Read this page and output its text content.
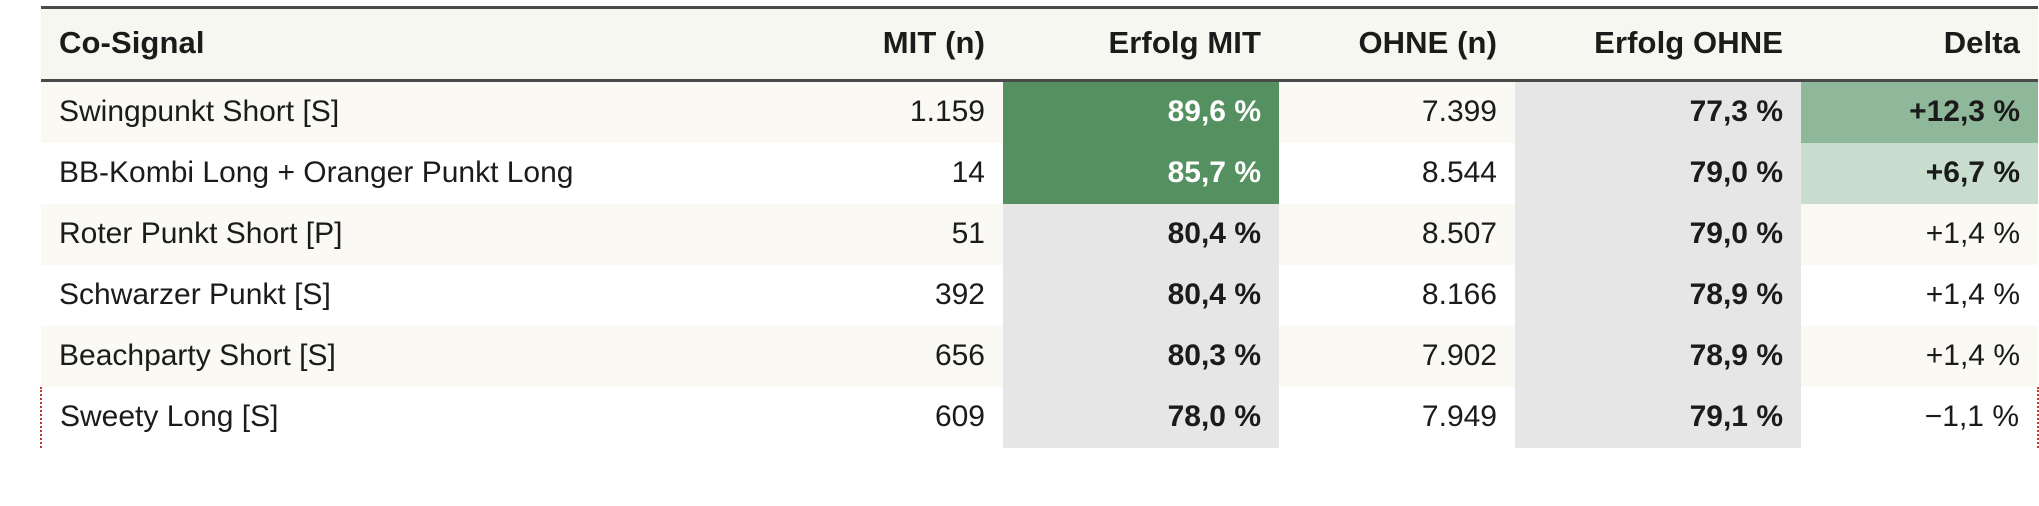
Co-Signal	MIT (n)	Erfolg MIT	OHNE (n)	Erfolg OHNE	Delta
Swingpunkt Short [S]	1.159	89,6 %	7.399	77,3 %	+12,3 %
BB-Kombi Long + Oranger Punkt Long	14	85,7 %	8.544	79,0 %	+6,7 %
Roter Punkt Short [P]	51	80,4 %	8.507	79,0 %	+1,4 %
Schwarzer Punkt [S]	392	80,4 %	8.166	78,9 %	+1,4 %
Beachparty Short [S]	656	80,3 %	7.902	78,9 %	+1,4 %
Sweety Long [S]	609	78,0 %	7.949	79,1 %	−1,1 %
